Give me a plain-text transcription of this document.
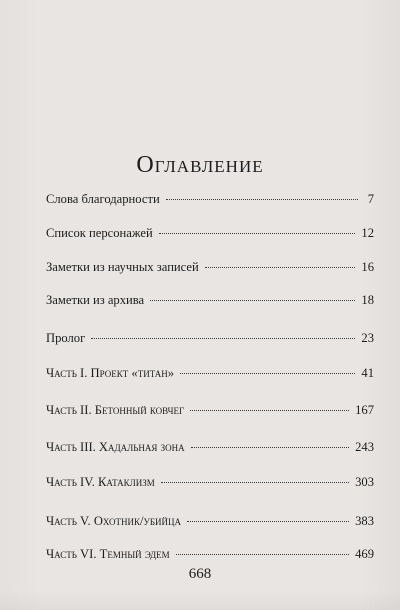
Оглавление
Слова благодарности	7
Список персонажей	12
Заметки из научных записей	16
Заметки из архива	18
Пролог	23
Часть I. Проект «титан»	41
Часть II. Бетонный ковчег	167
Часть III. Хадальная зона	243
Часть IV. Катаклизм	303
Часть V. Охотник/убийца	383
Часть VI. Темный эдем	469
668
